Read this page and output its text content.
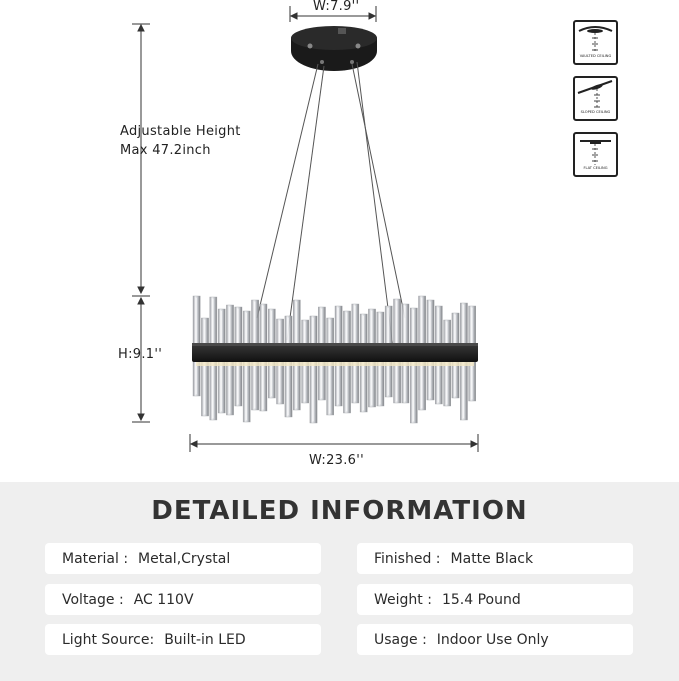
W:7.9''
Adjustable Height
Max 47.2inch
H:9.1''
W:23.6''
VAULTED CEILING
SLOPED CEILING
FLAT CEILING
DETAILED INFORMATION
Material : Metal,Crystal	Finished : Matte Black
Voltage : AC 110V	Weight : 15.4 Pound
Light Source: Built-in LED	Usage : Indoor Use Only
